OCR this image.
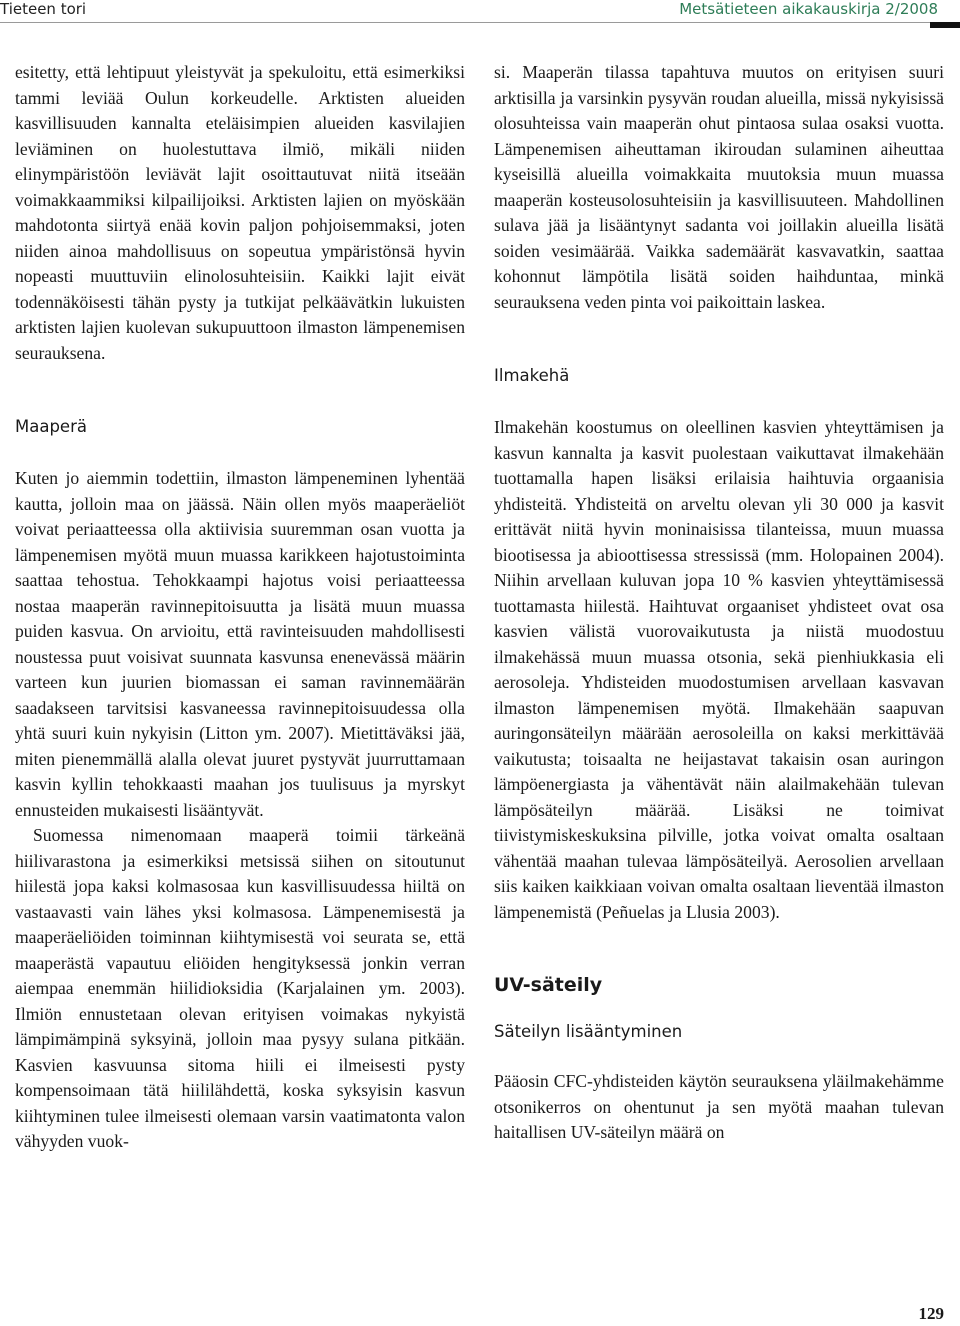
Tieteen tori	Metsätieteen aikakauskirja 2/2008

esitetty, että lehtipuut yleistyvät ja spekuloitu, että esimerkiksi tammi leviää Oulun korkeudelle. Arktisten alueiden kasvillisuuden kannalta eteläisimpien alueiden kasvilajien leviäminen on huolestuttava ilmiö, mikäli niiden elinympäristöön leviävät lajit osoittautuvat niitä itseään voimakkaammiksi kilpailijoiksi. Arktisten lajien on myöskään mahdotonta siirtyä enää kovin paljon pohjoisemmaksi, joten niiden ainoa mahdollisuus on sopeutua ympäristönsä hyvin nopeasti muuttuviin elinolosuhteisiin. Kaikki lajit eivät todennäköisesti tähän pysty ja tutkijat pelkäävätkin lukuisten arktisten lajien kuolevan sukupuuttoon ilmaston lämpenemisen seurauksena.

Maaperä

Kuten jo aiemmin todettiin, ilmaston lämpeneminen lyhentää kautta, jolloin maa on jäässä. Näin ollen myös maaperäeliöt voivat periaatteessa olla aktiivisia suuremman osan vuotta ja lämpenemisen myötä muun muassa karikkeen hajotustoiminta saattaa tehostua. Tehokkaampi hajotus voisi periaatteessa nostaa maaperän ravinnepitoisuutta ja lisätä muun muassa puiden kasvua. On arvioitu, että ravinteisuuden mahdollisesti noustessa puut voisivat suunnata kasvunsa enenevässä määrin varteen kun juurien biomassan ei saman ravinnemäärän saadakseen tarvitsisi kasvaneessa ravinnepitoisuudessa olla yhtä suuri kuin nykyisin (Litton ym. 2007). Mietittäväksi jää, miten pienemmällä alalla olevat juuret pystyvät juurruttamaan kasvin kyllin tehokkaasti maahan jos tuulisuus ja myrskyt ennusteiden mukaisesti lisääntyvät.

Suomessa nimenomaan maaperä toimii tärkeänä hiilivarastona ja esimerkiksi metsissä siihen on sitoutunut hiilestä jopa kaksi kolmasosaa kun kasvillisuudessa hiiltä on vastaavasti vain lähes yksi kolmasosa. Lämpenemisestä ja maaperäeliöiden toiminnan kiihtymisestä voi seurata se, että maaperästä vapautuu eliöiden hengityksessä jonkin verran aiempaa enemmän hiilidioksidia (Karjalainen ym. 2003). Ilmiön ennustetaan olevan erityisen voimakas nykyistä lämpimämpinä syksyinä, jolloin maa pysyy sulana pitkään. Kasvien kasvuunsa sitoma hiili ei ilmeisesti pysty kompensoimaan tätä hiililähdettä, koska syksyisin kasvun kiihtyminen tulee ilmeisesti olemaan varsin vaatimatonta valon vähyyden vuok-

si. Maaperän tilassa tapahtuva muutos on erityisen suuri arktisilla ja varsinkin pysyvän roudan alueilla, missä nykyisissä olosuhteissa vain maaperän ohut pintaosa sulaa osaksi vuotta. Lämpenemisen aiheuttaman ikiroudan sulaminen aiheuttaa kyseisillä alueilla voimakkaita muutoksia muun muassa maaperän kosteusolosuhteisiin ja kasvillisuuteen. Mahdollinen sulava jää ja lisääntynyt sadanta voi joillakin alueilla lisätä soiden vesimäärää. Vaikka sademäärät kasvavatkin, saattaa kohonnut lämpötila lisätä soiden haihduntaa, minkä seurauksena veden pinta voi paikoittain laskea.

Ilmakehä

Ilmakehän koostumus on oleellinen kasvien yhteyttämisen ja kasvun kannalta ja kasvit puolestaan vaikuttavat ilmakehään tuottamalla hapen lisäksi erilaisia haihtuvia orgaanisia yhdisteitä. Yhdisteitä on arveltu olevan yli 30 000 ja kasvit erittävät niitä hyvin moninaisissa tilanteissa, muun muassa biootisessa ja abioottisessa stressissä (mm. Holopainen 2004). Niihin arvellaan kuluvan jopa 10 % kasvien yhteyttämisessä tuottamasta hiilestä. Haihtuvat orgaaniset yhdisteet ovat osa kasvien välistä vuorovaikutusta ja niistä muodostuu ilmakehässä muun muassa otsonia, sekä pienhiukkasia eli aerosoleja. Yhdisteiden muodostumisen arvellaan kasvavan ilmaston lämpenemisen myötä. Ilmakehään saapuvan auringonsäteilyn määrään aerosoleilla on kaksi merkittävää vaikutusta; toisaalta ne heijastavat takaisin osan auringon lämpöenergiasta ja vähentävät näin alailmakehään tulevan lämpösäteilyn määrää. Lisäksi ne toimivat tiivistymiskeskuksina pilville, jotka voivat omalta osaltaan vähentää maahan tulevaa lämpösäteilyä. Aerosolien arvellaan siis kaiken kaikkiaan voivan omalta osaltaan lieventää ilmaston lämpenemistä (Peñuelas ja Llusia 2003).

UV-säteily
Säteilyn lisääntyminen

Pääosin CFC-yhdisteiden käytön seurauksena yläilmakehämme otsonikerros on ohentunut ja sen myötä maahan tulevan haitallisen UV-säteilyn määrä on

129
